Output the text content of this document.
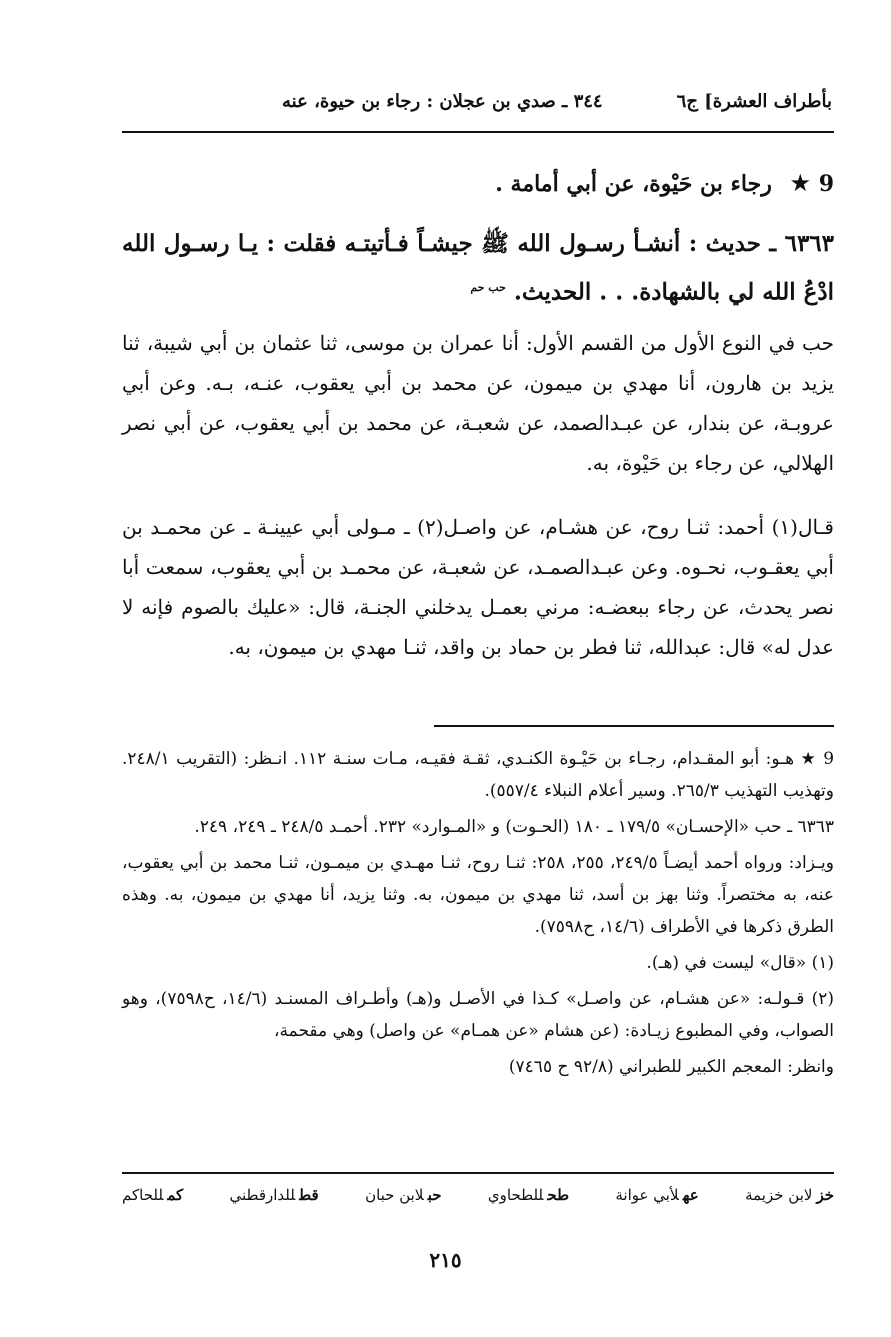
بأطراف العشرة] ج٦
٣٤٤ ـ صدي بن عجلان : رجاء بن حيوة، عنه

9 ★ رجاء بن حَيْوة، عن أبي أمامة .

٦٣٦٣ ـ حديث : أنشـأ رسـول الله ﷺ جيشـاً فـأتيتـه فقلت : يـا رسـول الله ادْعُ الله لي بالشهادة. . . الحديث. $^{حب حم}$

حب في النوع الأول من القسم الأول: أنا عمران بن موسى، ثنا عثمان بن أبي شيبة، ثنا يزيد بن هارون، أنا مهدي بن ميمون، عن محمد بن أبي يعقوب، عنـه، بـه. وعن أبي عروبـة، عن بندار، عن عبـدالصمد، عن شعبـة، عن محمد بن أبي يعقوب، عن أبي نصر الهلالي، عن رجاء بن حَيْوة، به.

قـال(١) أحمد: ثنـا روح، عن هشـام، عن واصـل(٢) ـ مـولى أبي عيينـة ـ عن محمـد بن أبي يعقـوب، نحـوه. وعن عبـدالصمـد، عن شعبـة، عن محمـد بن أبي يعقوب، سمعت أبا نصر يحدث، عن رجاء ببعضـه: مرني بعمـل يدخلني الجنـة، قال: «عليك بالصوم فإنه لا عدل له» قال: عبدالله، ثنا فطر بن حماد بن واقد، ثنـا مهدي بن ميمون، به.

9 ★ هـو: أبو المقـدام، رجـاء بن حَيْـوة الكنـدي، ثقـة فقيـه، مـات سنـة ١١٢. انـظر: (التقريب ٢٤٨/١. وتهذيب التهذيب ٢٦٥/٣. وسير أعلام النبلاء ٥٥٧/٤).

٦٣٦٣ ـ حب «الإحسـان» ١٧٩/٥ ـ ١٨٠ (الحـوت) و «المـوارد» ٢٣٢. أحمـد ٢٤٨/٥ ـ ٢٤٩، ٢٤٩.

ويـزاد: ورواه أحمد أيضـاً ٢٤٩/٥، ٢٥٥، ٢٥٨: ثنـا روح، ثنـا مهـدي بن ميمـون، ثنـا محمد بن أبي يعقوب، عنه، به مختصراً. وثنا بهز بن أسد، ثنا مهدي بن ميمون، به. وثنا يزيد، أنا مهدي بن ميمون، به. وهذه الطرق ذكرها في الأطراف (١٤/٦، ح٧٥٩٨).

(١) «قال» ليست في (هـ).

(٢) قـولـه: «عن هشـام، عن واصـل» كـذا في الأصـل و(هـ) وأطـراف المسنـد (١٤/٦، ح٧٥٩٨)، وهو الصواب، وفي المطبوع زيـادة: (عن هشام «عن همـام» عن واصل) وهي مقحمة،

وانظر: المعجم الكبير للطبراني (٩٢/٨ ح ٧٤٦٥)

خزلابن خزيمة
عهلأبي عوانة
طحللطحاوي
حبلابن حبان
قطللدارقطني
كمللحاكم
٢١٥
